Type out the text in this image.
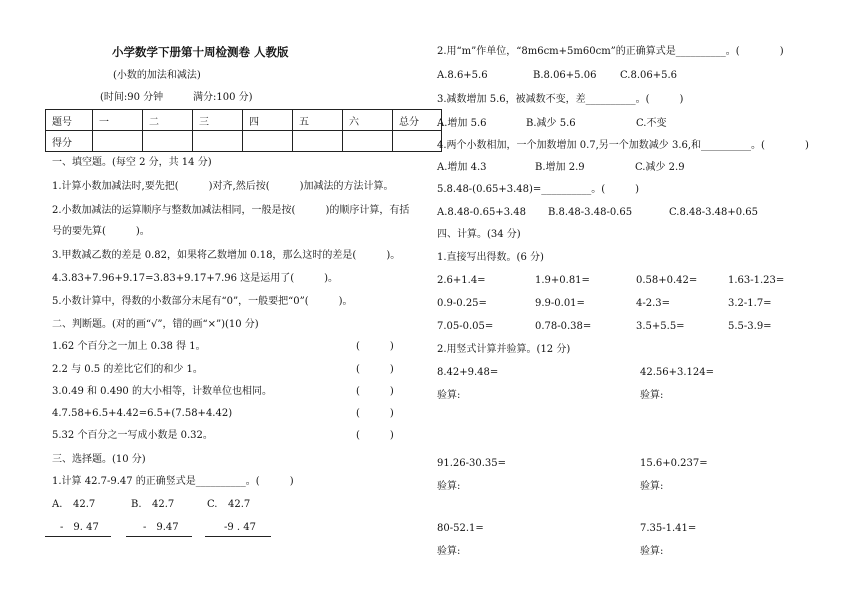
小学数学下册第十周检测卷 人教版
(小数的加法和减法)
(时间:90 分钟	满分:100 分)
题号	一	二	三	四	五	六	总分
得分							
一、填空题。(每空 2 分，共 14 分)
1.计算小数加减法时,要先把(　　　)对齐,然后按(　　　)加减法的方法计算。
2.小数加减法的运算顺序与整数加减法相同，一般是按(　　　)的顺序计算，有括
号的要先算(　　　)。
3.甲数减乙数的差是 0.82，如果将乙数增加 0.18，那么这时的差是(　　　)。
4.3.83+7.96+9.17=3.83+9.17+7.96 这是运用了(　　　)。
5.小数计算中，得数的小数部分末尾有“0”，一般要把“0”(　　　)。
二、判断题。(对的画“√”，错的画“×”)(10 分)
1.62 个百分之一加上 0.38 得 1。	(　　　)
2.2 与 0.5 的差比它们的和少 1。	(　　　)
3.0.49 和 0.490 的大小相等，计数单位也相同。	(　　　)
4.7.58+6.5+4.42=6.5+(7.58+4.42)	(　　　)
5.32 个百分之一写成小数是 0.32。	(　　　)
三、选择题。(10 分)
1.计算 42.7-9.47 的正确竖式是__________。(　　　)
A. 42.7
-　9. 47
B. 42.7
-　9.47
C. 42.7
-9 . 47
2.用“m”作单位，“8m6cm+5m60cm”的正确算式是__________。(　　　　)
A.8.6+5.6	B.8.06+5.06 C.8.06+5.6
3.减数增加 5.6，被减数不变，差__________。(　　　)
A.增加 5.6	B.减少 5.6	C.不变
4.两个小数相加，一个加数增加 0.7,另一个加数减少 3.6,和__________。(　　　　)
A.增加 4.3	B.增加 2.9	C.减少 2.9
5.8.48-(0.65+3.48)=__________。(　　　)
A.8.48-0.65+3.48 B.8.48-3.48-0.65	C.8.48-3.48+0.65
四、计算。(34 分)
1.直接写出得数。(6 分)
2.6+1.4=	1.9+0.81=	0.58+0.42=	1.63-1.23=
0.9-0.25=	9.9-0.01=	4-2.3=	3.2-1.7=
7.05-0.05=	0.78-0.38=	3.5+5.5=	5.5-3.9=
2.用竖式计算并验算。(12 分)
8.42+9.48=	42.56+3.124=
验算:	验算:
91.26-30.35=	15.6+0.237=
验算:	验算:
80-52.1=	7.35-1.41=
验算:	验算:
